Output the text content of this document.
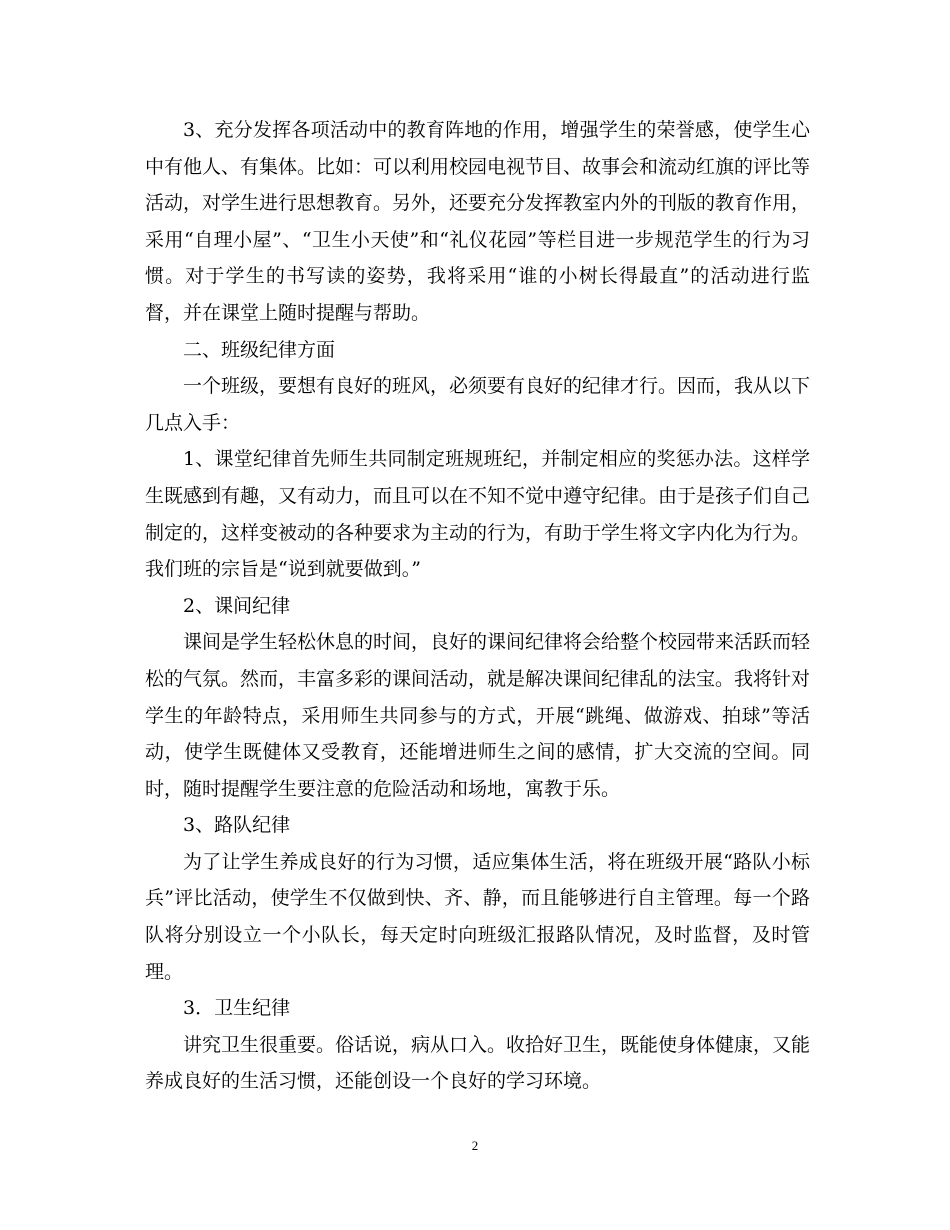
3、充分发挥各项活动中的教育阵地的作用，增强学生的荣誉感，使学生心中有他人、有集体。比如：可以利用校园电视节目、故事会和流动红旗的评比等活动，对学生进行思想教育。另外，还要充分发挥教室内外的刊版的教育作用，采用“自理小屋”、“卫生小天使”和“礼仪花园”等栏目进一步规范学生的行为习惯。对于学生的书写读的姿势，我将采用“谁的小树长得最直”的活动进行监督，并在课堂上随时提醒与帮助。

二、班级纪律方面

一个班级，要想有良好的班风，必须要有良好的纪律才行。因而，我从以下几点入手：

1、课堂纪律首先师生共同制定班规班纪，并制定相应的奖惩办法。这样学生既感到有趣，又有动力，而且可以在不知不觉中遵守纪律。由于是孩子们自己制定的，这样变被动的各种要求为主动的行为，有助于学生将文字内化为行为。我们班的宗旨是“说到就要做到。”

2、课间纪律

课间是学生轻松休息的时间，良好的课间纪律将会给整个校园带来活跃而轻松的气氛。然而，丰富多彩的课间活动，就是解决课间纪律乱的法宝。我将针对学生的年龄特点，采用师生共同参与的方式，开展“跳绳、做游戏、拍球”等活动，使学生既健体又受教育，还能增进师生之间的感情，扩大交流的空间。同时，随时提醒学生要注意的危险活动和场地，寓教于乐。

3、路队纪律

为了让学生养成良好的行为习惯，适应集体生活，将在班级开展“路队小标兵”评比活动，使学生不仅做到快、齐、静，而且能够进行自主管理。每一个路队将分别设立一个小队长，每天定时向班级汇报路队情况，及时监督，及时管理。

3．卫生纪律

讲究卫生很重要。俗话说，病从口入。收拾好卫生，既能使身体健康，又能养成良好的生活习惯，还能创设一个良好的学习环境。

2
